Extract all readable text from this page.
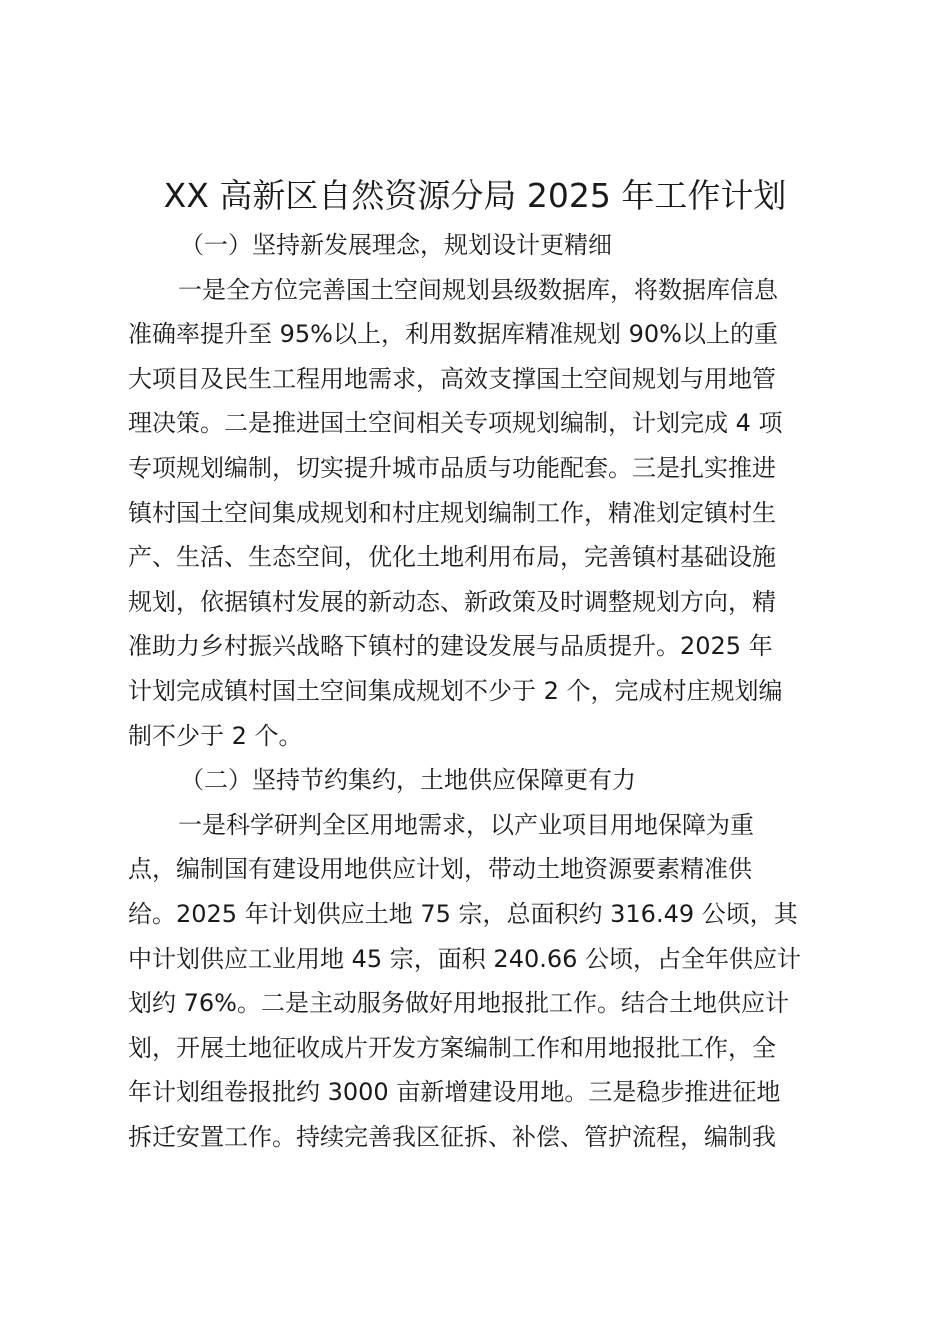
XX 高新区自然资源分局 2025 年工作计划

（一）坚持新发展理念，规划设计更精细

一是全方位完善国土空间规划县级数据库，将数据库信息
准确率提升至 95%以上，利用数据库精准规划 90%以上的重
大项目及民生工程用地需求，高效支撑国土空间规划与用地管
理决策。二是推进国土空间相关专项规划编制，计划完成 4 项
专项规划编制，切实提升城市品质与功能配套。三是扎实推进
镇村国土空间集成规划和村庄规划编制工作，精准划定镇村生
产、生活、生态空间，优化土地利用布局，完善镇村基础设施
规划，依据镇村发展的新动态、新政策及时调整规划方向，精
准助力乡村振兴战略下镇村的建设发展与品质提升。2025 年
计划完成镇村国土空间集成规划不少于 2 个，完成村庄规划编
制不少于 2 个。

（二）坚持节约集约，土地供应保障更有力

一是科学研判全区用地需求，以产业项目用地保障为重
点，编制国有建设用地供应计划，带动土地资源要素精准供
给。2025 年计划供应土地 75 宗，总面积约 316.49 公顷，其
中计划供应工业用地 45 宗，面积 240.66 公顷，占全年供应计
划约 76%。二是主动服务做好用地报批工作。结合土地供应计
划，开展土地征收成片开发方案编制工作和用地报批工作，全
年计划组卷报批约 3000 亩新增建设用地。三是稳步推进征地
拆迁安置工作。持续完善我区征拆、补偿、管护流程，编制我
